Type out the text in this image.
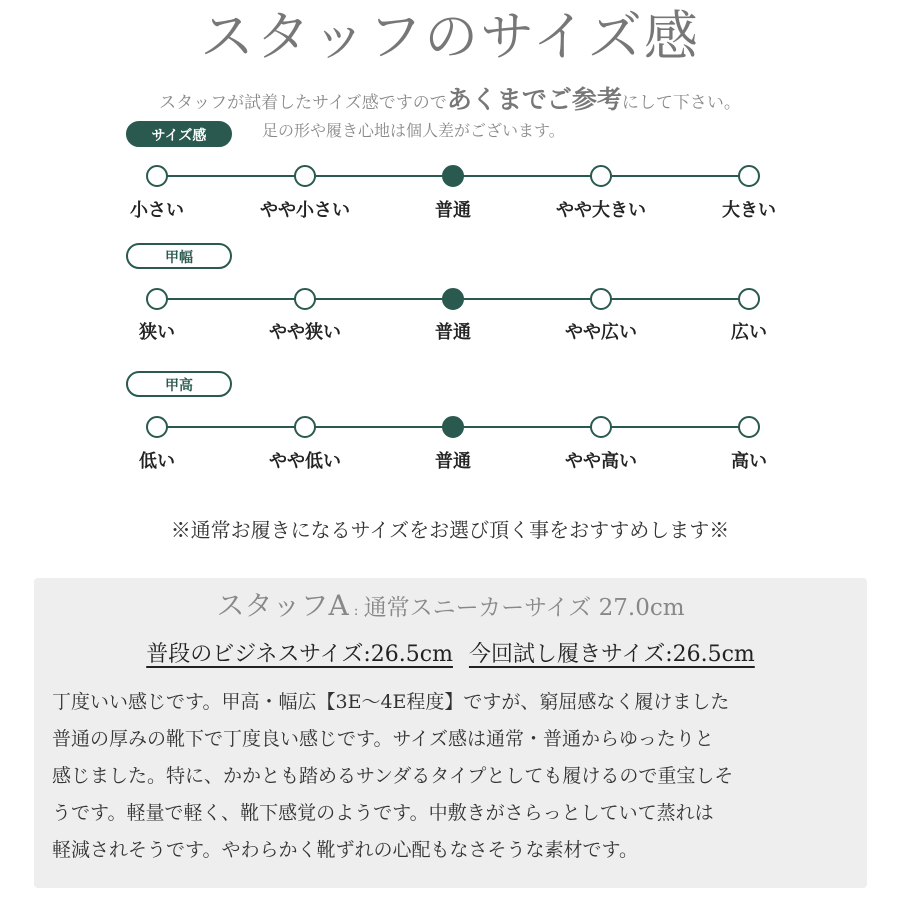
スタッフのサイズ感
スタッフが試着したサイズ感ですのであくまでご参考にして下さい。
足の形や履き心地は個人差がございます。
サイズ感
小さい	やや小さい	普通	やや大きい	大きい
甲幅
狭い	やや狭い	普通	やや広い	広い
甲高
低い	やや低い	普通	やや高い	高い
※通常お履きになるサイズをお選び頂く事をおすすめします※
スタッフA : 通常スニーカーサイズ 27.0cm
普段のビジネスサイズ:26.5cm 今回試し履きサイズ:26.5cm
丁度いい感じです。甲高・幅広【3E〜4E程度】ですが、窮屈感なく履けました
普通の厚みの靴下で丁度良い感じです。サイズ感は通常・普通からゆったりと
感じました。特に、かかとも踏めるサンダるタイプとしても履けるので重宝しそ
うです。軽量で軽く、靴下感覚のようです。中敷きがさらっとしていて蒸れは
軽減されそうです。やわらかく靴ずれの心配もなさそうな素材です。
